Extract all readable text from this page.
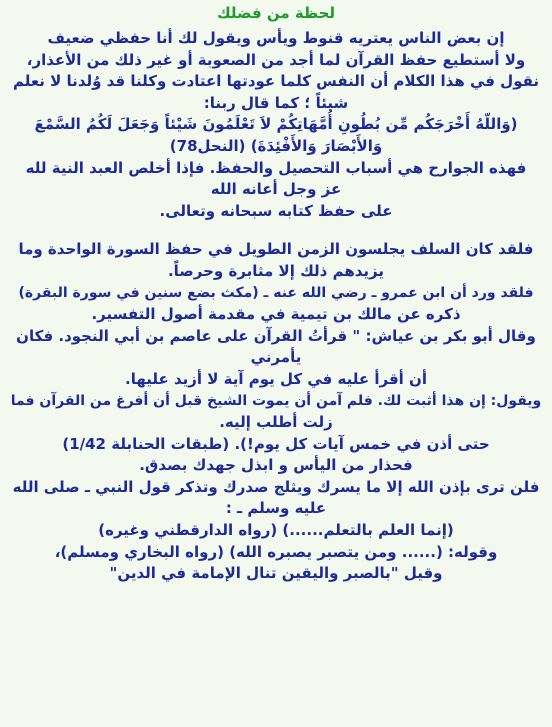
لحظة من فضلك

إن بعض الناس يعتريه قنوط ويأس ويقول لك أنا حفظي ضعيف

ولا أستطيع حفظ القرآن لما أجد من الصعوبة أو غير ذلك من الأعذار،

نقول في هذا الكلام أن النفس كلما عودتها اعتادت وكلنا قد وُلدنا لا نعلم

شيئاً ؛ كما قال ربنا:

(وَاللّهُ أَخْرَجَكُم مِّن بُطُونِ أُمَّهَاتِكُمْ لاَ تَعْلَمُونَ شَيْئاً وَجَعَلَ لَكُمُ السَّمْعَ

وَالأَبْصَارَ وَالأَفْئِدَةَ) (النحل78)

فهذه الجوارح هي أسباب التحصيل والحفظ. فإذا أخلص العبد النية لله

عز وجل أعانه الله

على حفظ كتابه سبحانه وتعالى.

فلقد كان السلف يجلسون الزمن الطويل في حفظ السورة الواحدة وما

يزيدهم ذلك إلا مثابرة وحرصاً.

فلقد ورد أن ابن عمرو ـ رضي الله عنه ـ (مكث بضع سنين في سورة البقرة)

ذكره عن مالك بن تيمية في مقدمة أصول التفسير.

وقال أبو بكر بن عياش: " قرأتُ القرآن على عاصم بن أبي النجود. فكان

يأمرني

أن أقرأ عليه في كل يوم آية لا أزيد عليها.

ويقول: إن هذا أثبت لك. فلم آمن أن يموت الشيخ قبل أن أفرغ من القرآن فما

زلت أطلب إليه.

حتى أذن في خمس آيات كل يوم!). (طبقات الحنابلة 1/42)

فحذار من اليأس و ابذل جهدك بصدق.

فلن ترى بإذن الله إلا ما يسرك ويثلج صدرك وتذكر قول النبي ـ صلى الله

عليه وسلم ـ :

(إنما العلم بالتعلم......) (رواه الدارقطني وغيره)

وقوله: (...... ومن يتصبر يصبره الله) (رواه البخاري ومسلم)،

وقيل "بالصبر واليقين تنال الإمامة في الدين"
